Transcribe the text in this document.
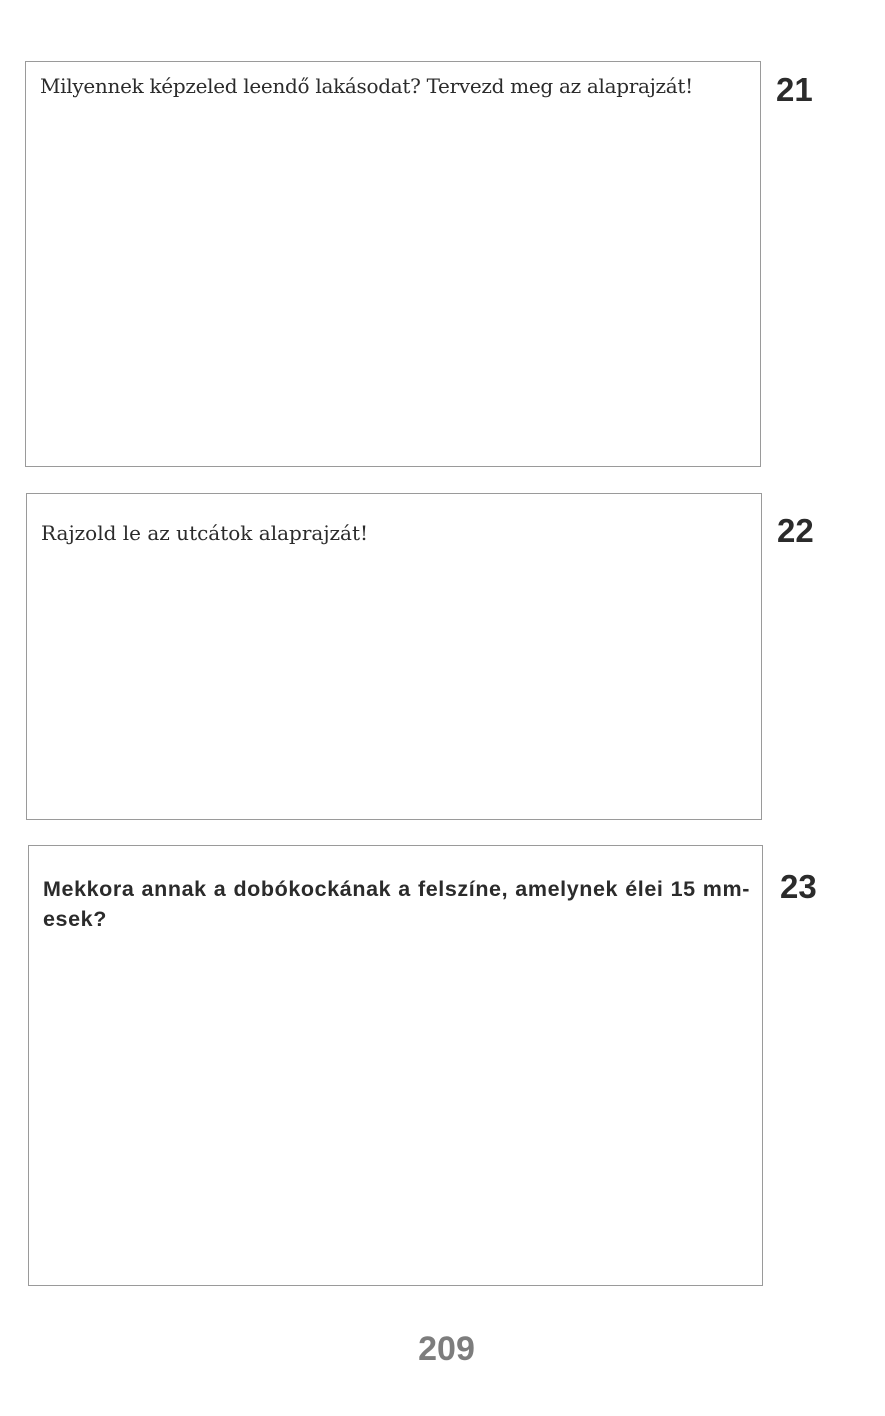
Milyennek képzeled leendő lakásodat? Tervezd meg az alaprajzát!	21
Rajzold le az utcátok alaprajzát!	22
Mekkora annak a dobókockának a felszíne, amelynek élei 15 mm-esek?
23
209
